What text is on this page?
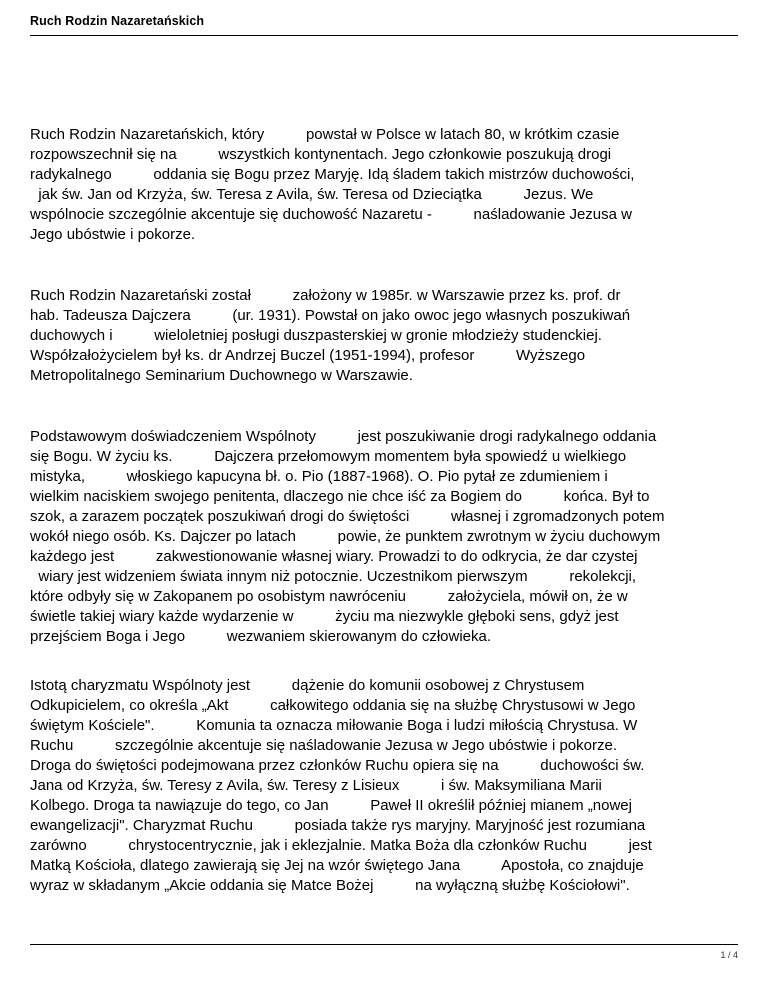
Ruch Rodzin Nazaretańskich
Ruch Rodzin Nazaretańskich, który          powstał w Polsce w latach 80, w krótkim czasie
rozpowszechnił się na          wszystkich kontynentach. Jego członkowie poszukują drogi
radykalnego          oddania się Bogu przez Maryję. Idą śladem takich mistrzów duchowości,
jak św. Jan od Krzyża, św. Teresa z Avila, św. Teresa od Dzieciątka          Jezus. We
wspólnocie szczególnie akcentuje się duchowość Nazaretu -          naśladowanie Jezusa w
Jego ubóstwie i pokorze.
Ruch Rodzin Nazaretański został          założony w 1985r. w Warszawie przez ks. prof. dr
hab. Tadeusza Dajczera          (ur. 1931). Powstał on jako owoc jego własnych poszukiwań
duchowych i          wieloletniej posługi duszpasterskiej w gronie młodzieży studenckiej.
Współzałożycielem był ks. dr Andrzej Buczel (1951-1994), profesor          Wyższego
Metropolitalnego Seminarium Duchownego w Warszawie.
Podstawowym doświadczeniem Wspólnoty          jest poszukiwanie drogi radykalnego oddania
się Bogu. W życiu ks.          Dajczera przełomowym momentem była spowiedź u wielkiego
mistyka,          włoskiego kapucyna bł. o. Pio (1887-1968). O. Pio pytał ze zdumieniem i
wielkim naciskiem swojego penitenta, dlaczego nie chce iść za Bogiem do          końca. Był to
szok, a zarazem początek poszukiwań drogi do świętości          własnej i zgromadzonych potem
wokół niego osób. Ks. Dajczer po latach          powie, że punktem zwrotnym w życiu duchowym
każdego jest          zakwestionowanie własnej wiary. Prowadzi to do odkrycia, że dar czystej
wiary jest widzeniem świata innym niż potocznie. Uczestnikom pierwszym          rekolekcji,
które odbyły się w Zakopanem po osobistym nawróceniu          założyciela, mówił on, że w
świetle takiej wiary każde wydarzenie w          życiu ma niezwykle głęboki sens, gdyż jest
przejściem Boga i Jego          wezwaniem skierowanym do człowieka.
Istotą charyzmatu Wspólnoty jest          dążenie do komunii osobowej z Chrystusem
Odkupicielem, co określa „Akt          całkowitego oddania się na służbę Chrystusowi w Jego
świętym Kościele".          Komunia ta oznacza miłowanie Boga i ludzi miłością Chrystusa. W
Ruchu          szczególnie akcentuje się naśladowanie Jezusa w Jego ubóstwie i pokorze.
Droga do świętości podejmowana przez członków Ruchu opiera się na          duchowości św.
Jana od Krzyża, św. Teresy z Avila, św. Teresy z Lisieux          i św. Maksymiliana Marii
Kolbego. Droga ta nawiązuje do tego, co Jan          Paweł II określił później mianem „nowej
ewangelizacji". Charyzmat Ruchu          posiada także rys maryjny. Maryjność jest rozumiana
zarówno          chrystocentrycznie, jak i eklezjalnie. Matka Boża dla członków Ruchu          jest
Matką Kościoła, dlatego zawierają się Jej na wzór świętego Jana          Apostoła, co znajduje
wyraz w składanym „Akcie oddania się Matce Bożej          na wyłączną służbę Kościołowi".
1 / 4
